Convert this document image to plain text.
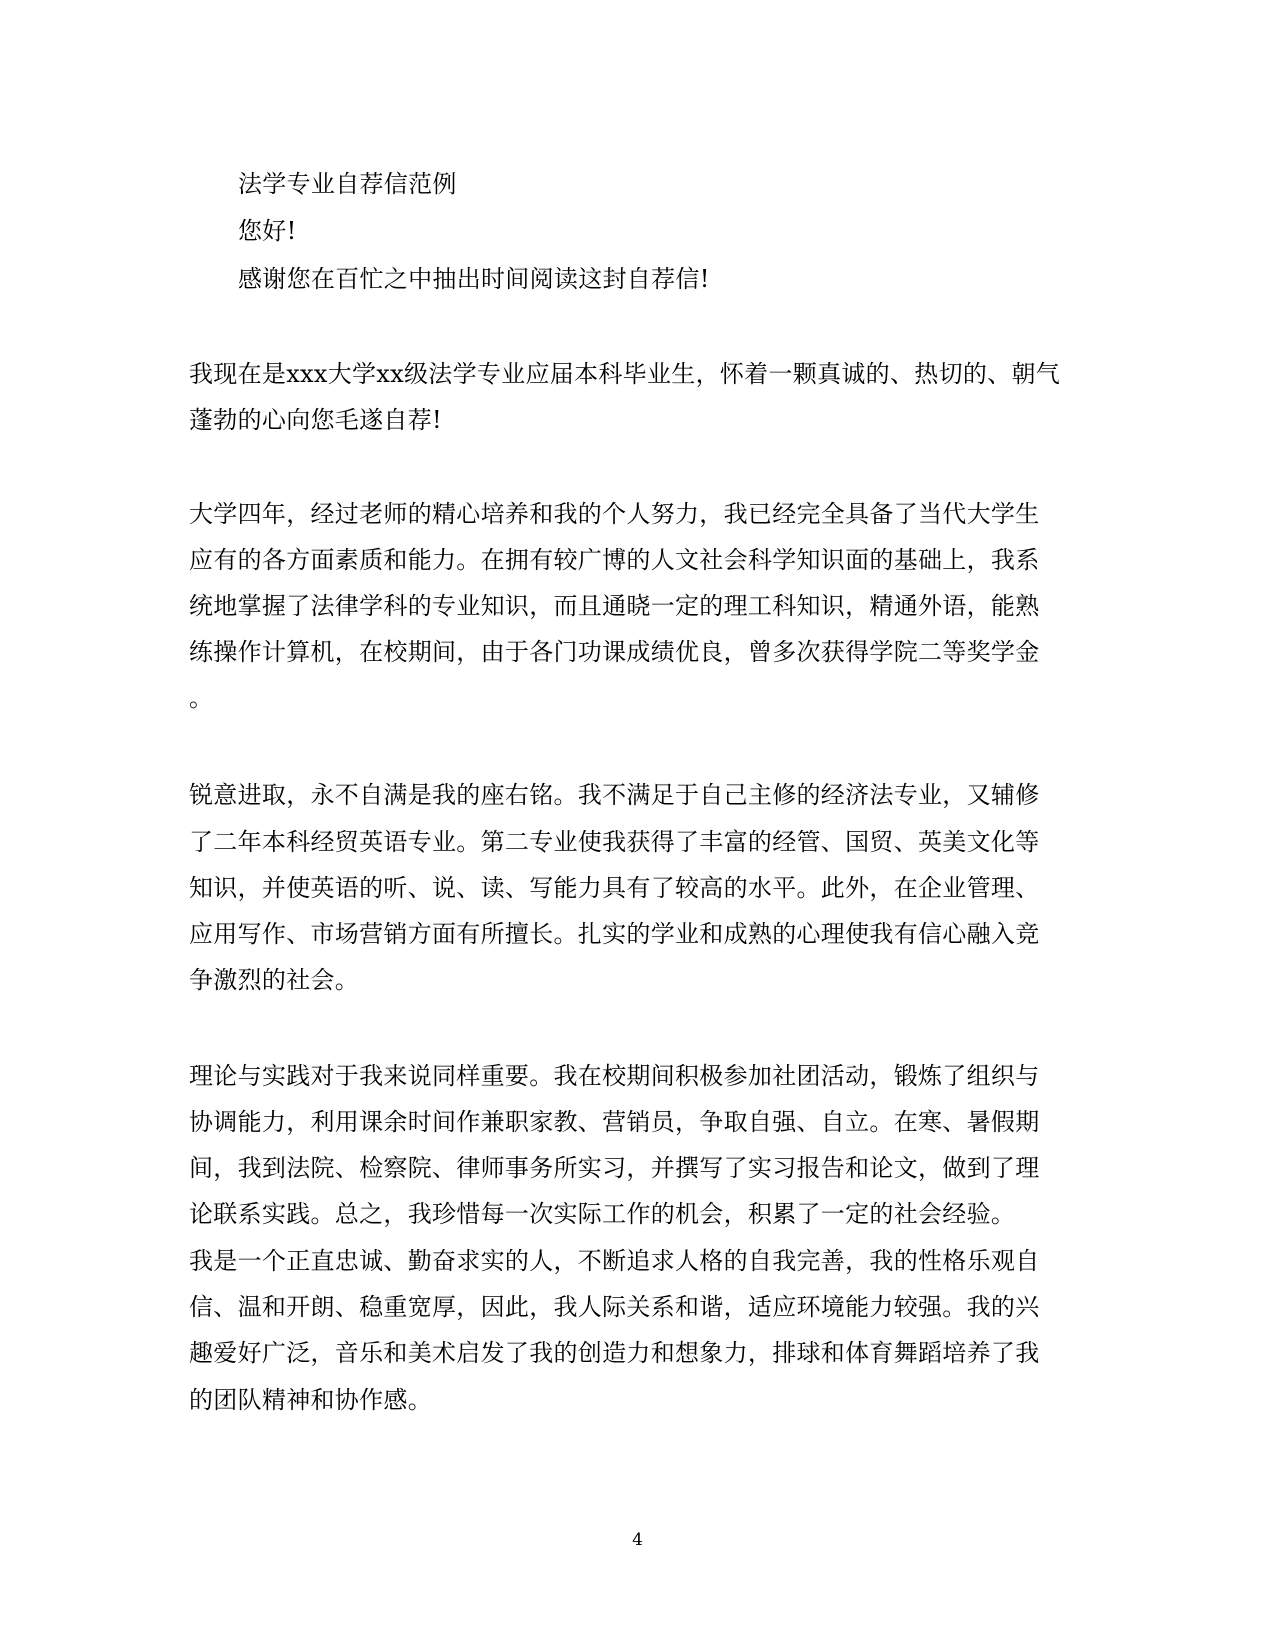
法学专业自荐信范例
您好!
感谢您在百忙之中抽出时间阅读这封自荐信!
我现在是xxx大学xx级法学专业应届本科毕业生，怀着一颗真诚的、热切的、朝气
蓬勃的心向您毛遂自荐!
大学四年，经过老师的精心培养和我的个人努力，我已经完全具备了当代大学生
应有的各方面素质和能力。在拥有较广博的人文社会科学知识面的基础上，我系
统地掌握了法律学科的专业知识，而且通晓一定的理工科知识，精通外语，能熟
练操作计算机，在校期间，由于各门功课成绩优良，曾多次获得学院二等奖学金
。
锐意进取，永不自满是我的座右铭。我不满足于自己主修的经济法专业，又辅修
了二年本科经贸英语专业。第二专业使我获得了丰富的经管、国贸、英美文化等
知识，并使英语的听、说、读、写能力具有了较高的水平。此外，在企业管理、
应用写作、市场营销方面有所擅长。扎实的学业和成熟的心理使我有信心融入竞
争激烈的社会。
理论与实践对于我来说同样重要。我在校期间积极参加社团活动，锻炼了组织与
协调能力，利用课余时间作兼职家教、营销员，争取自强、自立。在寒、暑假期
间，我到法院、检察院、律师事务所实习，并撰写了实习报告和论文，做到了理
论联系实践。总之，我珍惜每一次实际工作的机会，积累了一定的社会经验。
我是一个正直忠诚、勤奋求实的人，不断追求人格的自我完善，我的性格乐观自
信、温和开朗、稳重宽厚，因此，我人际关系和谐，适应环境能力较强。我的兴
趣爱好广泛，音乐和美术启发了我的创造力和想象力，排球和体育舞蹈培养了我
的团队精神和协作感。
4
